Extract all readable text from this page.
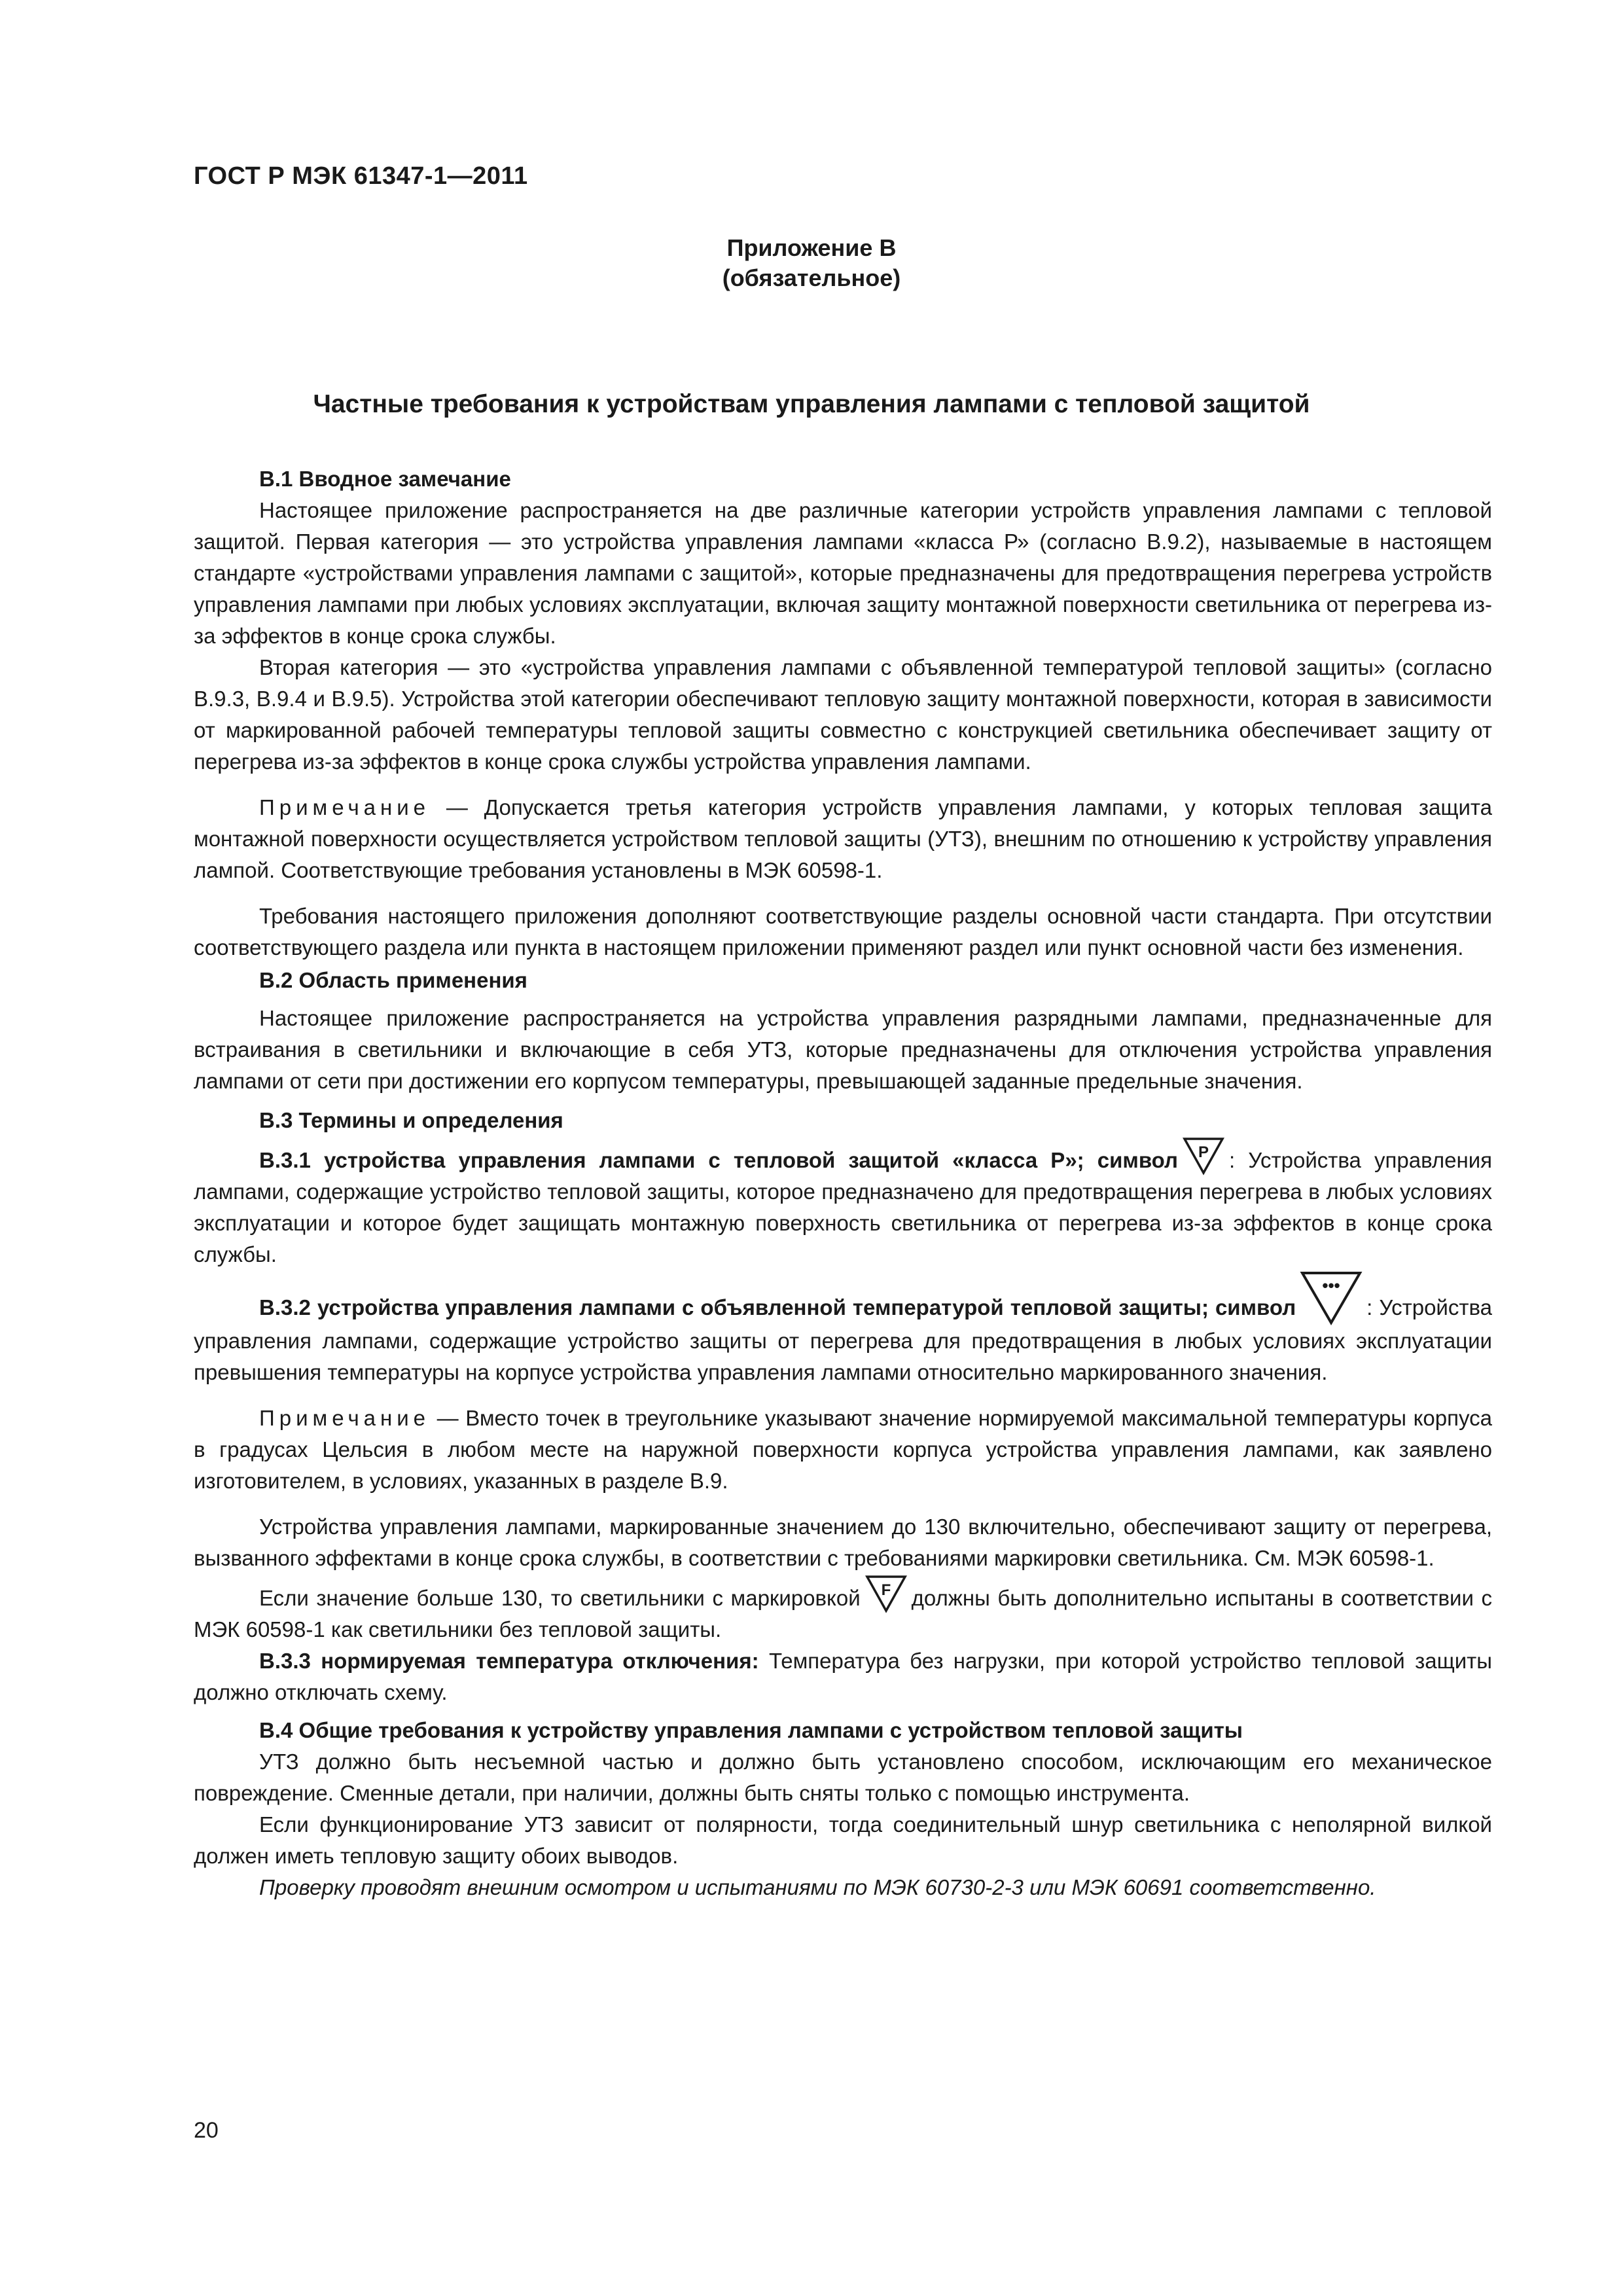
ГОСТ Р МЭК 61347-1—2011
Приложение В
(обязательное)
Частные требования к устройствам управления лампами с тепловой защитой

В.1 Вводное замечание

Настоящее приложение распространяется на две различные категории устройств управления лампами с тепловой защитой. Первая категория — это устройства управления лампами «класса Р» (согласно В.9.2), называемые в настоящем стандарте «устройствами управления лампами с защитой», которые предназначены для предотвращения перегрева устройств управления лампами при любых условиях эксплуатации, включая защиту монтажной поверхности светильника от перегрева из-за эффектов в конце срока службы.

Вторая категория — это «устройства управления лампами с объявленной температурой тепловой защиты» (согласно В.9.3, В.9.4 и В.9.5). Устройства этой категории обеспечивают тепловую защиту монтажной поверхности, которая в зависимости от маркированной рабочей температуры тепловой защиты совместно с конструкцией светильника обеспечивает защиту от перегрева из-за эффектов в конце срока службы устройства управления лампами.

Примечание — Допускается третья категория устройств управления лампами, у которых тепловая защита монтажной поверхности осуществляется устройством тепловой защиты (УТЗ), внешним по отношению к устройству управления лампой. Соответствующие требования установлены в МЭК 60598-1.

Требования настоящего приложения дополняют соответствующие разделы основной части стандарта. При отсутствии соответствующего раздела или пункта в настоящем приложении применяют раздел или пункт основной части без изменения.

В.2 Область применения

Настоящее приложение распространяется на устройства управления разрядными лампами, предназначенные для встраивания в светильники и включающие в себя УТЗ, которые предназначены для отключения устройства управления лампами от сети при достижении его корпусом температуры, превышающей заданные предельные значения.

В.3 Термины и определения

В.3.1 устройства управления лампами с тепловой защитой «класса Р»; символ P : Устройства управления лампами, содержащие устройство тепловой защиты, которое предназначено для предотвращения перегрева в любых условиях эксплуатации и которое будет защищать монтажную поверхность светильника от перегрева из-за эффектов в конце срока службы.

В.3.2 устройства управления лампами с объявленной температурой тепловой защиты; символ
•••
: Устройства управления лампами, содержащие устройство защиты от перегрева для предотвращения в любых условиях эксплуатации превышения температуры на корпусе устройства управления лампами относительно маркированного значения.

Примечание — Вместо точек в треугольнике указывают значение нормируемой максимальной температуры корпуса в градусах Цельсия в любом месте на наружной поверхности корпуса устройства управления лампами, как заявлено изготовителем, в условиях, указанных в разделе В.9.

Устройства управления лампами, маркированные значением до 130 включительно, обеспечивают защиту от перегрева, вызванного эффектами в конце срока службы, в соответствии с требованиями маркировки светильника. См. МЭК 60598-1.

Если значение больше 130, то светильники с маркировкой F должны быть дополнительно испытаны в соответствии с МЭК 60598-1 как светильники без тепловой защиты.

В.3.3 нормируемая температура отключения: Температура без нагрузки, при которой устройство тепловой защиты должно отключать схему.

В.4 Общие требования к устройству управления лампами с устройством тепловой защиты

УТЗ должно быть несъемной частью и должно быть установлено способом, исключающим его механическое повреждение. Сменные детали, при наличии, должны быть сняты только с помощью инструмента.

Если функционирование УТЗ зависит от полярности, тогда соединительный шнур светильника с неполярной вилкой должен иметь тепловую защиту обоих выводов.

Проверку проводят внешним осмотром и испытаниями по МЭК 60730-2-3 или МЭК 60691 соответственно.

20
